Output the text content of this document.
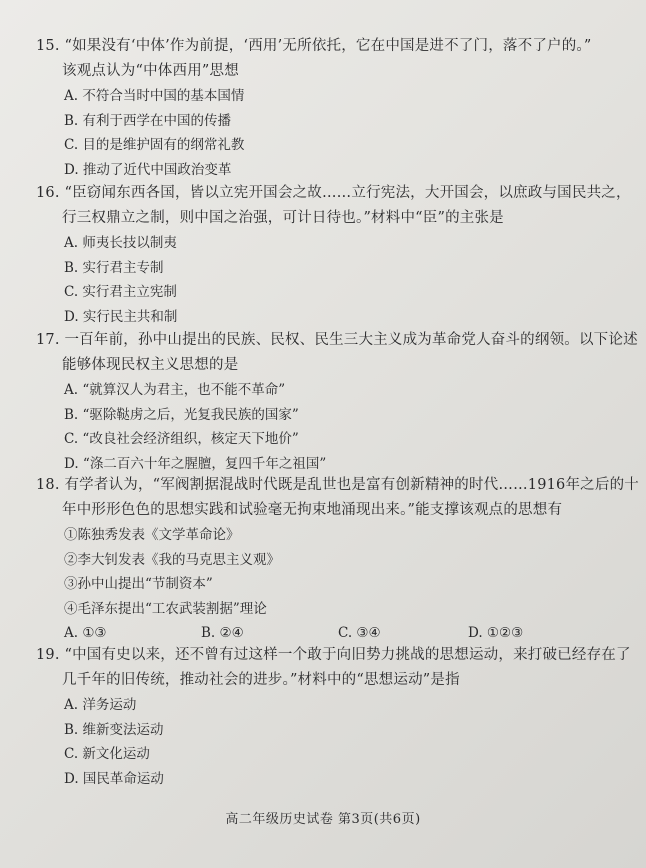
15. “如果没有‘中体’作为前提，‘西用’无所依托，它在中国是进不了门，落不了户的。”
该观点认为“中体西用”思想
A. 不符合当时中国的基本国情
B. 有利于西学在中国的传播
C. 目的是维护固有的纲常礼教
D. 推动了近代中国政治变革
16. “臣窃闻东西各国，皆以立宪开国会之故……立行宪法，大开国会，以庶政与国民共之，
行三权鼎立之制，则中国之治强，可计日待也。”材料中“臣”的主张是
A. 师夷长技以制夷
B. 实行君主专制
C. 实行君主立宪制
D. 实行民主共和制
17. 一百年前，孙中山提出的民族、民权、民生三大主义成为革命党人奋斗的纲领。以下论述
能够体现民权主义思想的是
A. “就算汉人为君主，也不能不革命”
B. “驱除鞑虏之后，光复我民族的国家”
C. “改良社会经济组织，核定天下地价”
D. “涤二百六十年之腥膻，复四千年之祖国”
18. 有学者认为，“军阀割据混战时代既是乱世也是富有创新精神的时代……1916年之后的十
年中形形色色的思想实践和试验毫无拘束地涌现出来。”能支撑该观点的思想有
①陈独秀发表《文学革命论》
②李大钊发表《我的马克思主义观》
③孙中山提出“节制资本”
④毛泽东提出“工农武装割据”理论
A. ①③	B. ②④	C. ③④	D. ①②③
19. “中国有史以来，还不曾有过这样一个敢于向旧势力挑战的思想运动，来打破已经存在了
几千年的旧传统，推动社会的进步。”材料中的“思想运动”是指
A. 洋务运动
B. 维新变法运动
C. 新文化运动
D. 国民革命运动
高二年级历史试卷 第3页(共6页)
